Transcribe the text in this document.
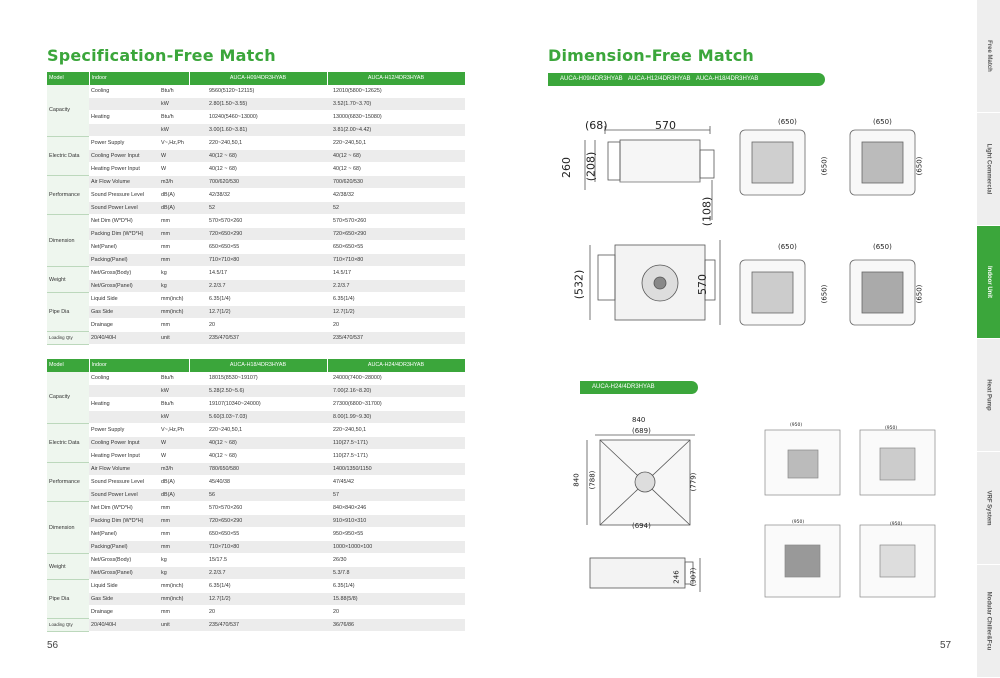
Specification-Free Match
Model	Indoor		AUCA-H09/4DR3HYAB	AUCA-H12/4DR3HYAB
Capacity	Cooling	Btu/h	9560(5120~12115)	12010(5800~12625)
		kW	2.80(1.50~3.55)	3.52(1.70~3.70)
	Heating	Btu/h	10240(5460~13000)	13000(6830~15080)
		kW	3.00(1.60~3.81)	3.81(2.00~4.42)
Electric Data	Power Supply	V~,Hz,Ph	220~240,50,1	220~240,50,1
	Cooling Power Input	W	40(12 ~ 68)	40(12 ~ 68)
	Heating Power Input	W	40(12 ~ 68)	40(12 ~ 68)
Performance	Air Flow Volume	m3/h	700/620/530	700/620/530
	Sound Pressure Level	dB(A)	42/38/32	42/38/32
	Sound Power Level	dB(A)	52	52
Dimension	Net Dim (W*D*H)	mm	570×570×260	570×570×260
	Packing Dim (W*D*H)	mm	720×650×290	720×650×290
	Net(Panel)	mm	650×650×55	650×650×55
	Packing(Panel)	mm	710×710×80	710×710×80
Weight	Net/Gross(Body)	kg	14.5/17	14.5/17
	Net/Gross(Panel)	kg	2.2/3.7	2.2/3.7
Pipe Dia	Liquid Side	mm(inch)	6.35(1/4)	6.35(1/4)
	Gas Side	mm(inch)	12.7(1/2)	12.7(1/2)
	Drainage	mm	20	20
Loading Qty	20/40/40H	unit	235/470/537	235/470/537
Model	Indoor		AUCA-H18/4DR3HYAB	AUCA-H24/4DR3HYAB
Capacity	Cooling	Btu/h	18015(8530~19107)	24000(7400~28000)
		kW	5.28(2.50~5.6)	7.00(2.16~8.20)
	Heating	Btu/h	19107(10340~24000)	27300(6800~31700)
		kW	5.60(3.03~7.03)	8.00(1.99~9.30)
Electric Data	Power Supply	V~,Hz,Ph	220~240,50,1	220~240,50,1
	Cooling Power Input	W	40(12 ~ 68)	110(27.5~171)
	Heating Power Input	W	40(12 ~ 68)	110(27.5~171)
Performance	Air Flow Volume	m3/h	780/650/580	1400/1350/1150
	Sound Pressure Level	dB(A)	45/40/38	47/45/42
	Sound Power Level	dB(A)	56	57
Dimension	Net Dim (W*D*H)	mm	570×570×260	840×840×246
	Packing Dim (W*D*H)	mm	720×650×290	910×910×310
	Net(Panel)	mm	650×650×55	950×950×55
	Packing(Panel)	mm	710×710×80	1000×1000×100
Weight	Net/Gross(Body)	kg	15/17.5	26/30
	Net/Gross(Panel)	kg	2.2/3.7	5.3/7.8
Pipe Dia	Liquid Side	mm(inch)	6.35(1/4)	6.35(1/4)
	Gas Side	mm(inch)	12.7(1/2)	15.88(5/8)
	Drainage	mm	20	20
Loading Qty	20/40/40H	unit	235/470/537	36/76/86
56
Dimension-Free Match
AUCA-H09/4DR3HYAB AUCA-H12/4DR3HYAB AUCA-H18/4DR3HYAB
AUCA-H24/4DR3HYAB
(68)	570
260 (208)
(108)
(532)	570
(650)	(650)
(650)	(650)
(650)	(650)
(650)	(650)
840
(689)
840 (788)	(779)
(694)
246 (307)
(950)
(950)
(950)	(950)
57
Free Match
Light Commercial
Indoor Unit
Heat Pump
VRF System
Modular Chiller&Fcu
